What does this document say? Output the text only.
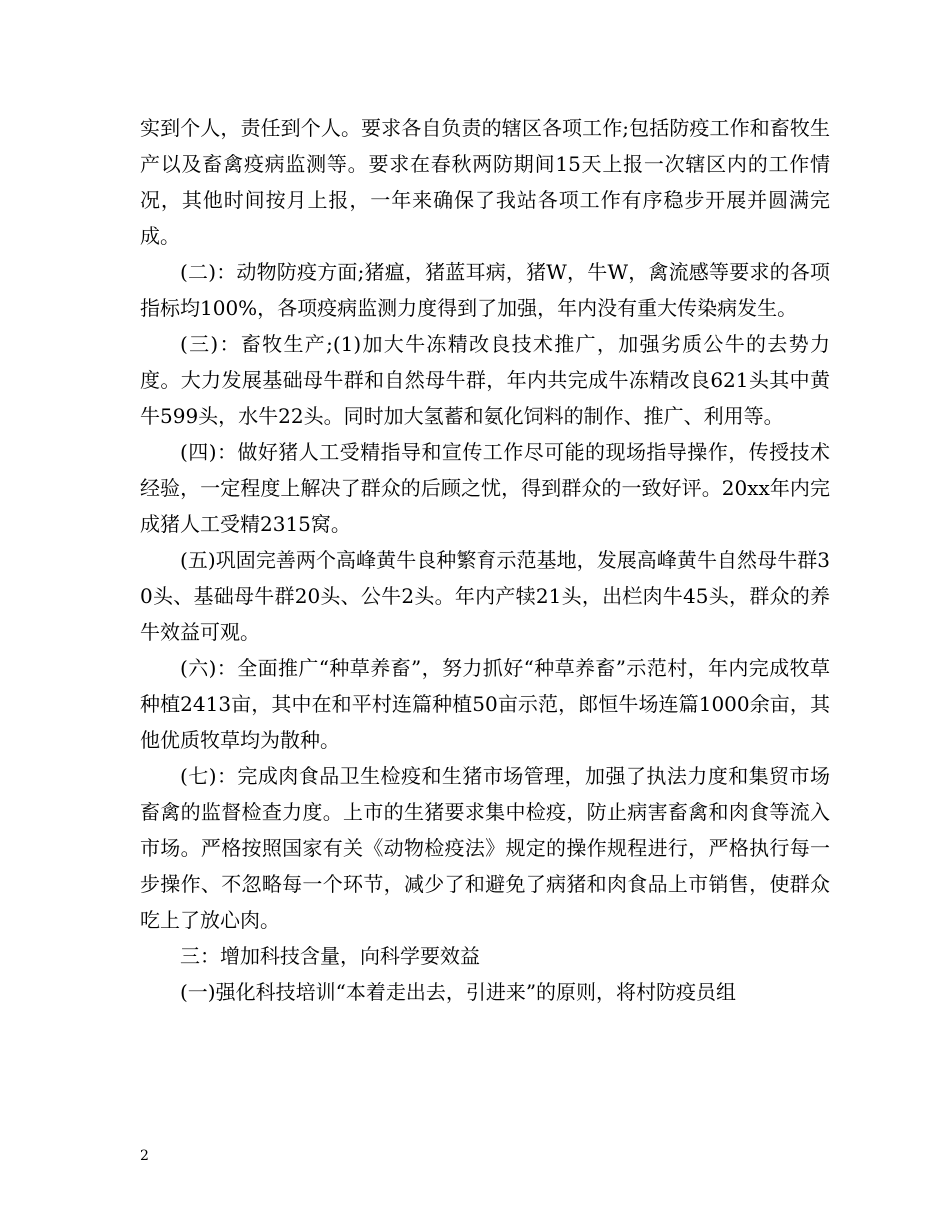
实到个人，责任到个人。要求各自负责的辖区各项工作;包括防疫工作和畜牧生产以及畜禽疫病监测等。要求在春秋两防期间15天上报一次辖区内的工作情况，其他时间按月上报，一年来确保了我站各项工作有序稳步开展并圆满完成。

(二)：动物防疫方面;猪瘟，猪蓝耳病，猪W，牛W，禽流感等要求的各项指标均100%，各项疫病监测力度得到了加强，年内没有重大传染病发生。

(三)：畜牧生产;(1)加大牛冻精改良技术推广，加强劣质公牛的去势力度。大力发展基础母牛群和自然母牛群，年内共完成牛冻精改良621头其中黄牛599头，水牛22头。同时加大氢蓄和氨化饲料的制作、推广、利用等。

(四)：做好猪人工受精指导和宣传工作尽可能的现场指导操作，传授技术经验，一定程度上解决了群众的后顾之忧，得到群众的一致好评。20xx年内完成猪人工受精2315窝。

(五)巩固完善两个高峰黄牛良种繁育示范基地，发展高峰黄牛自然母牛群30头、基础母牛群20头、公牛2头。年内产犊21头，出栏肉牛45头，群众的养牛效益可观。

(六)：全面推广“种草养畜”，努力抓好“种草养畜”示范村，年内完成牧草种植2413亩，其中在和平村连篇种植50亩示范，郎恒牛场连篇1000余亩，其他优质牧草均为散种。

(七)：完成肉食品卫生检疫和生猪市场管理，加强了执法力度和集贸市场畜禽的监督检查力度。上市的生猪要求集中检疫，防止病害畜禽和肉食等流入市场。严格按照国家有关《动物检疫法》规定的操作规程进行，严格执行每一步操作、不忽略每一个环节，减少了和避免了病猪和肉食品上市销售，使群众吃上了放心肉。

三：增加科技含量，向科学要效益

(一)强化科技培训“本着走出去，引进来”的原则，将村防疫员组

2
